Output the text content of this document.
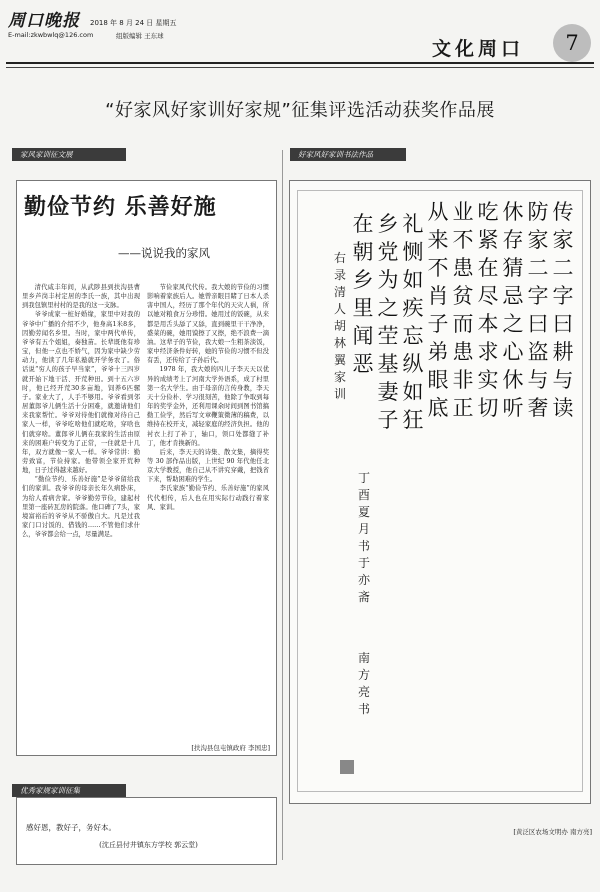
周口晚报 2018 年 8 月 24 日 星期五
E-mail:zkwbwlq@126.com	组版编辑 王东球
文化周口	7
“好家风好家训好家规”征集评选活动获奖作品展
家风家训征文展	好家风好家训书法作品
勤俭节约 乐善好施
——说说我的家风

清代咸丰年间，从武陟县到扶沟县曹里乡芦岗丰村定居的李氏一族，其中出现到我包镇里村村的是我的这一支脉。

爷爷成家一桩好婚缘，家里中对我的爷爷中广播的介绍不少，他身高1米8多，因勤劳闻名乡里。当时，家中两代单传，爷爷有五个姐姐，奏独苗。长辈既他有珍宝，但他一点也不娇气，因为家中缺少劳动力，他读了几年私塾就开学务农了。俗话说“穷人的孩子早当家”，爷爷十三四岁就开始下地干活、开荒种田。到十五六岁时，他已经开荒30多亩地，饲养6匹骡子。家业大了，人手不够用。爷爷看到邻居董郎爷儿俩生活十分困难，就邀请他们来我家帮忙。爷爷对待他们就像对待自己家人一样，爷爷吃啥他们就吃啥，穿啥也们就穿啥。董郎爷儿俩在我家的生活由原来的困难户转变为了正常，一住就是十几年，双方就像一家人一样。爷爷常讲：勤劳致富，节俭持家。他带领全家开荒种地，日子过得越来越好。

“勤俭节约、乐善好施”是爷爷留给我们的家训。我爷爷的母亲长年久病卧床，为给人看病舍家。爷爷勤劳节俭，建起村里第一座砖瓦房的院落。他口碑了7头，家境富裕后的爷爷从不骄傲自大。凡是过我家门口讨饭的、借钱的……不管他们求什么，爷爷都会给一点，尽量满足。

节俭家风代代传。我大娘的节俭的习惯影响着家族后人。她曾亲眼目睹了日本人杀害中国人，经历了那个年代的天灾人祸，所以她对粮食万分珍惜。她用过的饭碗，从来都是用舌头舔了又舔，直到碗里干干净净，盛菜的碗，她用馍擦了又擦，绝不浪费一滴油。这辈子的节俭，我大娘一生粗茶淡饭，家中经济条件好转，她的节俭的习惯不但没有丢，还传给了子孙后代。

1978 年，我大娘的四儿子李天天以优异的成绩考上了河南大学外语系，成了村里第一名大学生。由于母亲的言传身教，李天天十分俭朴、学习很刻苦，他除了争取到每年的奖学金外，还利用课余时间到图书馆搞勤工俭学，然后写文章鞭策微薄的稿费，以维持在校开支，减轻家庭的经济负担。他的衬衣上打了补丁，轴口，领口处都缝了补丁，他才肯换新的。

后来，李天天的诗集、散文集，摘得奖等 30 部作品出版，上世纪 90 年代他任北京大学教授，他自己从不讲究穿戴，把钱省下来，帮助困难的学生。

李氏家族“勤俭节约、乐善好施”的家风代代相传，后人也在用实际行动践行着家风、家训。

[扶沟县包屯镇政府 李国忠]
传家二字曰耕与读
防家二字曰盗与奢
休存猜忌之心休听
吃紧在尽本求实切
业不患贫而患非正
从来不肖子弟眼底
礼恻如疾忘纵如狂
乡党为之茔基妻子
在朝乡里闻恶
右录清人胡林翼家训
丁酉夏月书于亦斋
南方亮书
[黄泛区农场文明办 南方亮]
优秀家规家训征集
感好恩，教好子，务好本。
(沈丘县付井镇东方学校 郭云堂)
